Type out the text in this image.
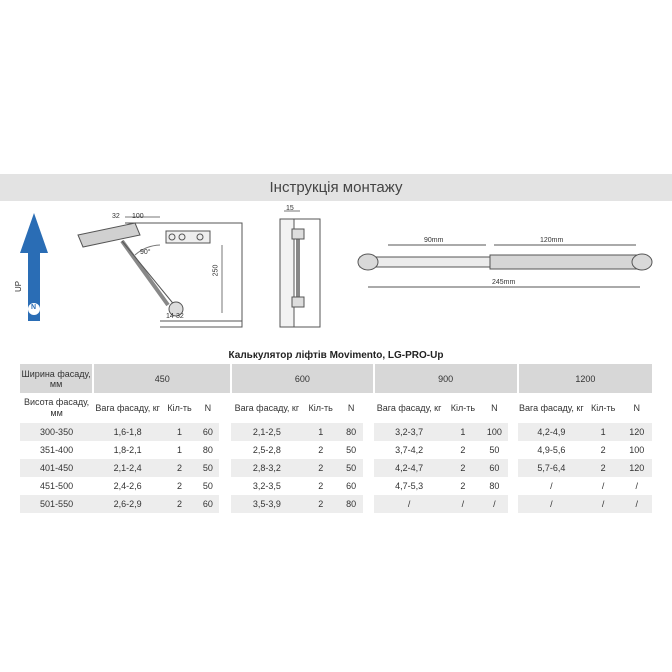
Інструкція монтажу
32 100
90°
250
14 32
15
90mm	120mm
245mm
UP
N
Калькулятор ліфтів Movimento, LG-PRO-Up
Ширина фасаду, мм	450				600				900				1200		
Висота фасаду, мм	Вага фасаду, кг	Кіл-ть	N		Вага фасаду, кг	Кіл-ть	N		Вага фасаду, кг	Кіл-ть	N		Вага фасаду, кг	Кіл-ть	N
300-350	1,6-1,8	1	60		2,1-2,5	1	80		3,2-3,7	1	100		4,2-4,9	1	120
351-400	1,8-2,1	1	80		2,5-2,8	2	50		3,7-4,2	2	50		4,9-5,6	2	100
401-450	2,1-2,4	2	50		2,8-3,2	2	50		4,2-4,7	2	60		5,7-6,4	2	120
451-500	2,4-2,6	2	50		3,2-3,5	2	60		4,7-5,3	2	80		/	/	/
501-550	2,6-2,9	2	60		3,5-3,9	2	80		/	/	/		/	/	/
